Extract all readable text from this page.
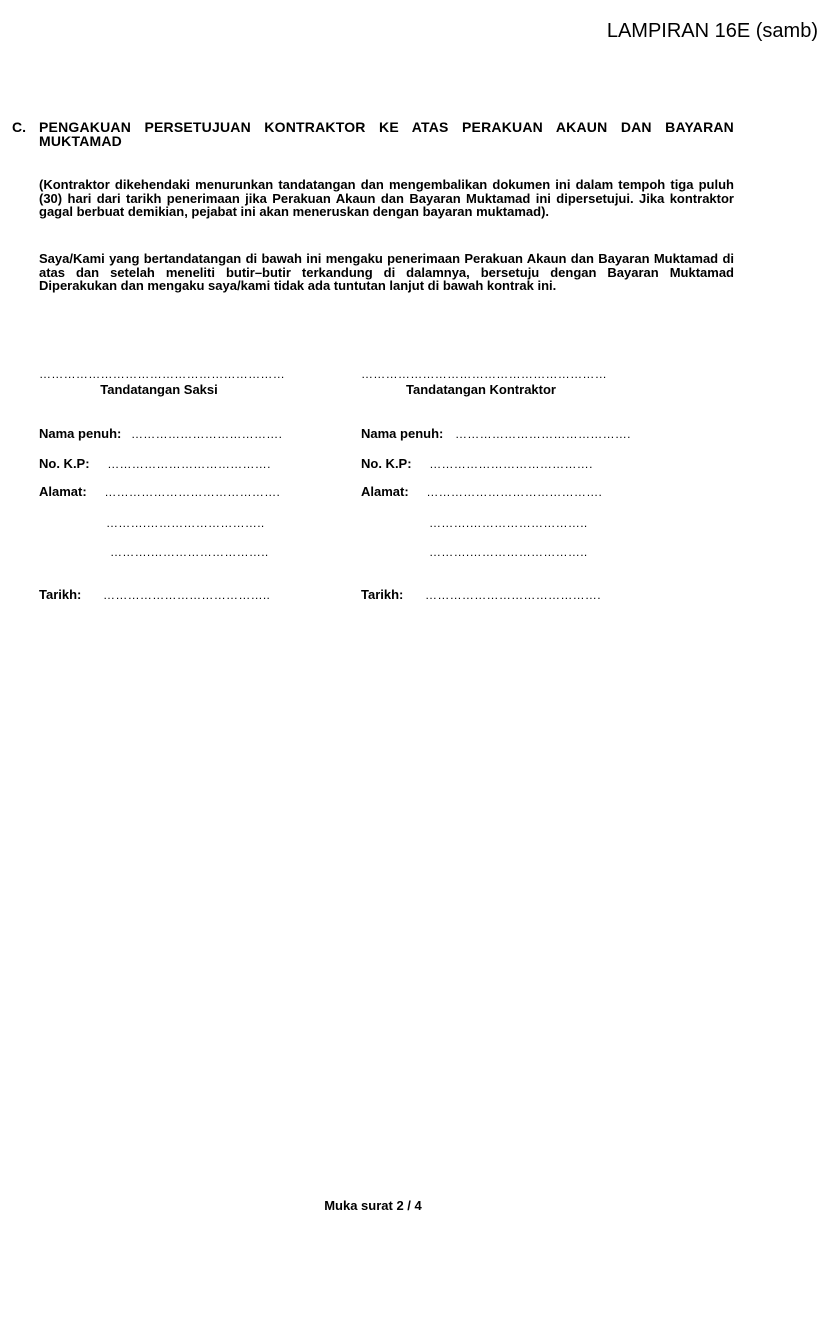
LAMPIRAN 16E (samb)
C. PENGAKUAN PERSETUJUAN KONTRAKTOR KE ATAS PERAKUAN AKAUN DAN BAYARAN MUKTAMAD
(Kontraktor dikehendaki menurunkan tandatangan dan mengembalikan dokumen ini dalam tempoh tiga puluh (30) hari dari tarikh penerimaan jika Perakuan Akaun dan Bayaran Muktamad ini dipersetujui. Jika kontraktor gagal berbuat demikian, pejabat ini akan meneruskan dengan bayaran muktamad).
Saya/Kami yang bertandatangan di bawah ini mengaku penerimaan Perakuan Akaun dan Bayaran Muktamad di atas dan setelah meneliti butir–butir terkandung di dalamnya, bersetuju dengan Bayaran Muktamad Diperakukan dan mengaku saya/kami tidak ada tuntutan lanjut di bawah kontrak ini.
……………………………………………………
Tandatangan Saksi
……………………………………………………
Tandatangan Kontraktor
Nama penuh: ……………………………….
No. K.P: ………………………………….
Alamat: …………………………………….
……….………………………..
……….………………………..
Tarikh: …………………………………..
Nama penuh: …………………………………….
No. K.P: ………………………………….
Alamat: …………………………………….
……….………………………..
……….………………………..
Tarikh: …………………………………….
Muka surat 2 / 4
